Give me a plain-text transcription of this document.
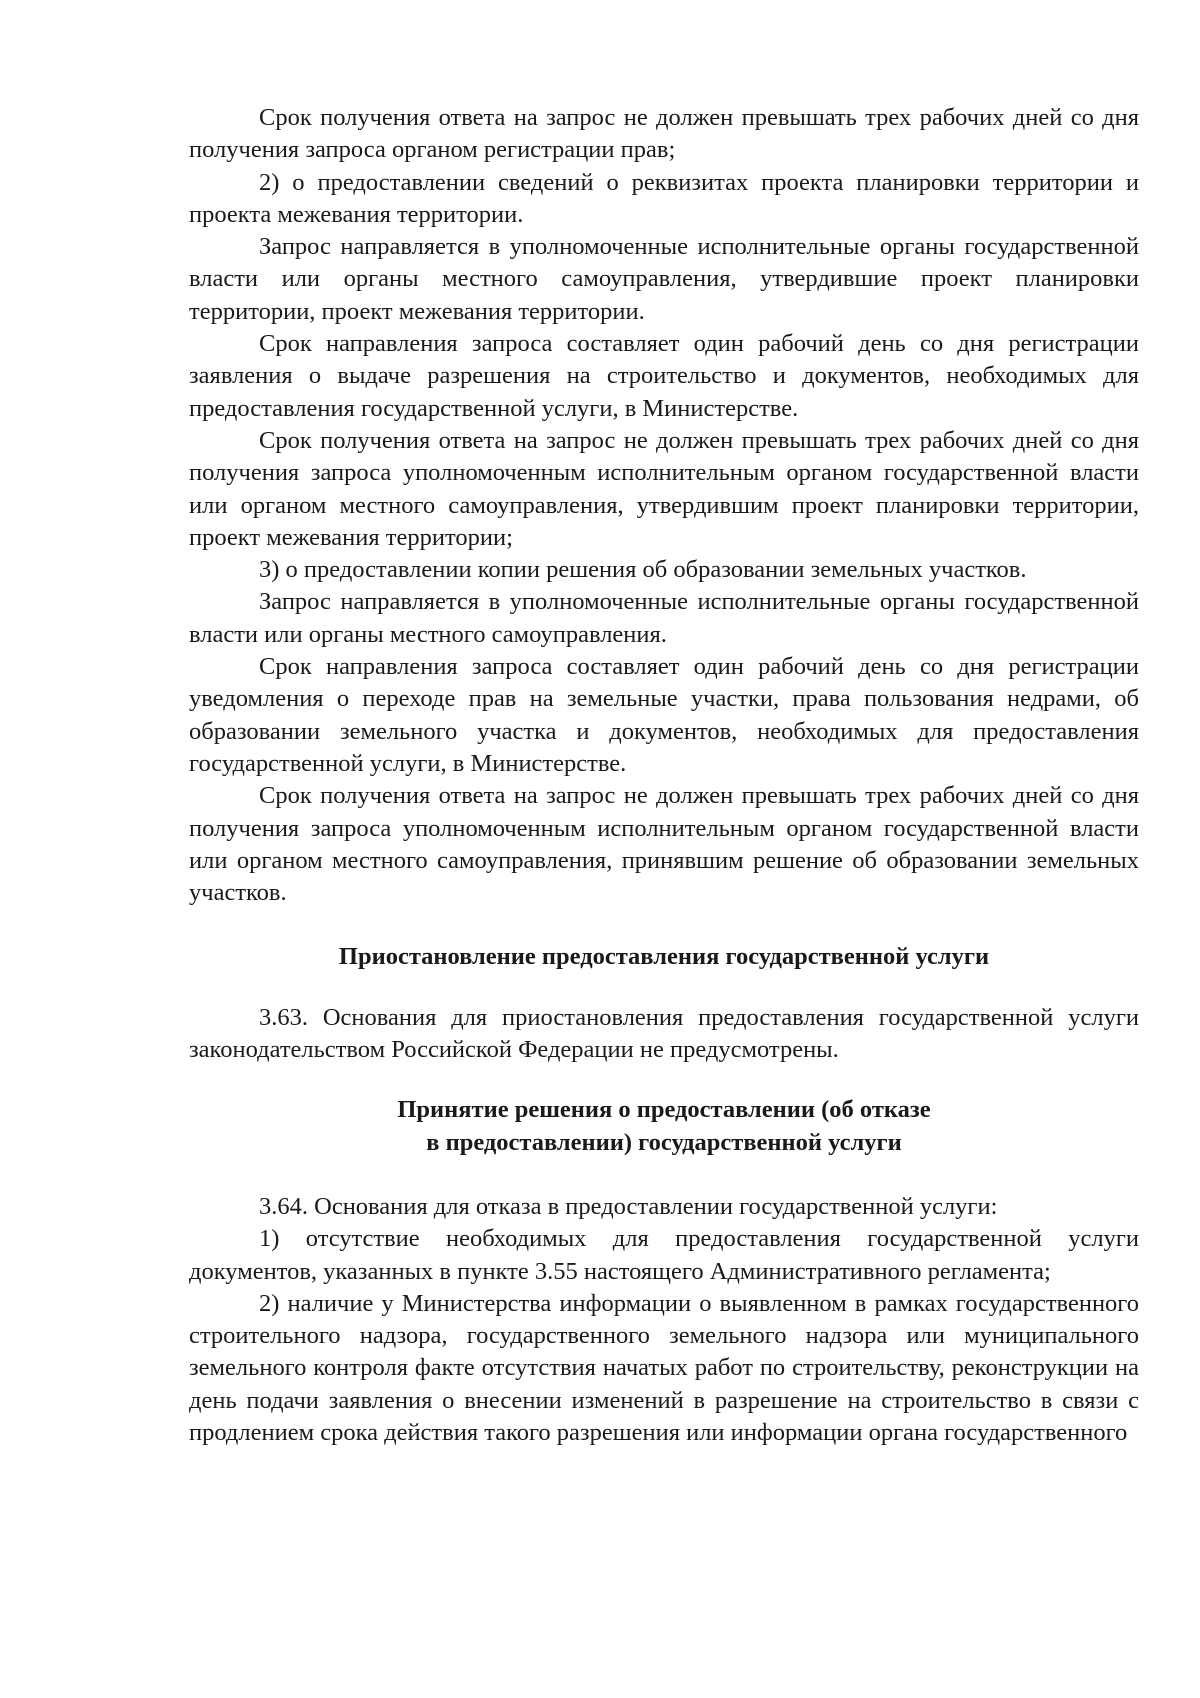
Срок получения ответа на запрос не должен превышать трех рабочих дней со дня получения запроса органом регистрации прав;

2) о предоставлении сведений о реквизитах проекта планировки территории и проекта межевания территории.

Запрос направляется в уполномоченные исполнительные органы государственной власти или органы местного самоуправления, утвердившие проект планировки территории, проект межевания территории.

Срок направления запроса составляет один рабочий день со дня регистрации заявления о выдаче разрешения на строительство и документов, необходимых для предоставления государственной услуги, в Министерстве.

Срок получения ответа на запрос не должен превышать трех рабочих дней со дня получения запроса уполномоченным исполнительным органом государственной власти или органом местного самоуправления, утвердившим проект планировки территории, проект межевания территории;

3) о предоставлении копии решения об образовании земельных участков.

Запрос направляется в уполномоченные исполнительные органы государственной власти или органы местного самоуправления.

Срок направления запроса составляет один рабочий день со дня регистрации уведомления о переходе прав на земельные участки, права пользования недрами, об образовании земельного участка и документов, необходимых для предоставления государственной услуги, в Министерстве.

Срок получения ответа на запрос не должен превышать трех рабочих дней со дня получения запроса уполномоченным исполнительным органом государственной власти или органом местного самоуправления, принявшим решение об образовании земельных участков.

Приостановление предоставления государственной услуги

3.63. Основания для приостановления предоставления государственной услуги законодательством Российской Федерации не предусмотрены.

Принятие решения о предоставлении (об отказе

в предоставлении) государственной услуги

3.64. Основания для отказа в предоставлении государственной услуги:

1) отсутствие необходимых для предоставления государственной услуги документов, указанных в пункте 3.55 настоящего Административного регламента;

2) наличие у Министерства информации о выявленном в рамках государственного строительного надзора, государственного земельного надзора или муниципального земельного контроля факте отсутствия начатых работ по строительству, реконструкции на день подачи заявления о внесении изменений в разрешение на строительство в связи с продлением срока действия такого разрешения или информации органа государственного
